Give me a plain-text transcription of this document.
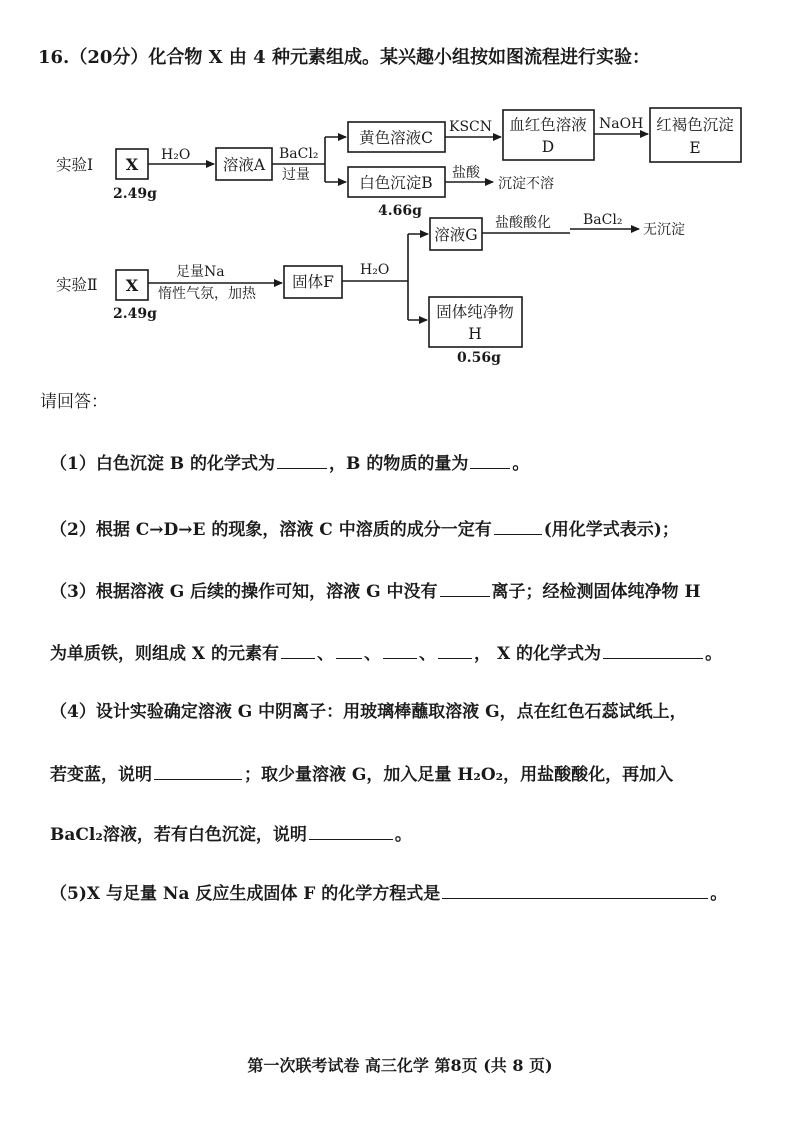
16.（20分）化合物 X 由 4 种元素组成。某兴趣小组按如图流程进行实验：
实验Ⅰ X
2.49g
H₂O
溶液A
BaCl₂
过量
黄色溶液C
KSCN 血红色溶液
D
NaOH 红褐色沉淀
E
白色沉淀B
盐酸
沉淀不溶
4.66g
实验Ⅱ X
2.49g
足量Na
惰性气氛，加热
固体F
H₂O
溶液G
盐酸酸化 BaCl₂
无沉淀
固体纯净物
H
0.56g
请回答：
（1）白色沉淀 B 的化学式为	，B 的物质的量为	。
（2）根据 C→D→E 的现象，溶液 C 中溶质的成分一定有	(用化学式表示)；
（3）根据溶液 G 后续的操作可知，溶液 G 中没有	离子；经检测固体纯净物 H
为单质铁，则组成 X 的元素有 、 、 、 ， X 的化学式为	。
（4）设计实验确定溶液 G 中阴离子：用玻璃棒蘸取溶液 G，点在红色石蕊试纸上，
若变蓝，说明	；取少量溶液 G，加入足量 H₂O₂，用盐酸酸化，再加入
BaCl₂溶液，若有白色沉淀，说明	。
（5)X 与足量 Na 反应生成固体 F 的化学方程式是	。
第一次联考试卷 高三化学 第8页 (共 8 页)
